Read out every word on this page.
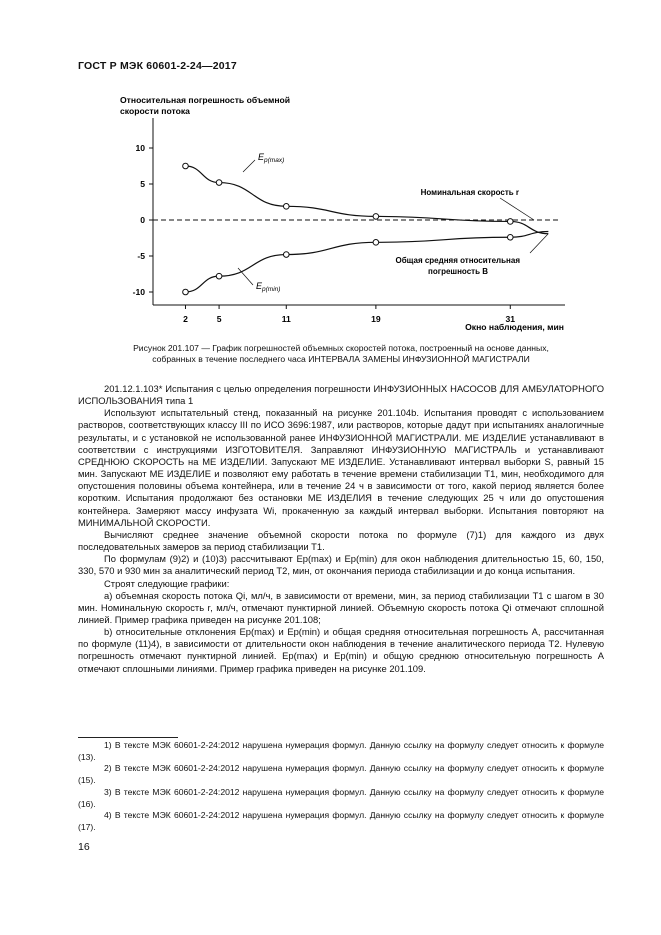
ГОСТ Р МЭК 60601-2-24—2017
Относительная погрешность объемной
скорости потока
10
5
0
-5
-10
2	5	11	19	31
$E_{p(max)}$
$E_{p(min)}$
Номинальная скорость r
Общая средняя относительная
погрешность B
Окно наблюдения, мин
Рисунок 201.107 — График погрешностей объемных скоростей потока, построенный на основе данных,
собранных в течение последнего часа ИНТЕРВАЛА ЗАМЕНЫ ИНФУЗИОННОЙ МАГИСТРАЛИ

201.12.1.103* Испытания с целью определения погрешности ИНФУЗИОННЫХ НАСОСОВ ДЛЯ АМБУЛАТОРНОГО ИСПОЛЬЗОВАНИЯ типа 1

Используют испытательный стенд, показанный на рисунке 201.104b. Испытания проводят с использованием растворов, соответствующих классу III по ИСО 3696:1987, или растворов, которые дадут при испытаниях аналогичные результаты, и с установкой не использованной ранее ИНФУЗИОННОЙ МАГИСТРАЛИ. МЕ ИЗДЕЛИЕ устанавливают в соответствии с инструкциями ИЗГОТОВИТЕЛЯ. Заправляют ИНФУЗИОННУЮ МАГИСТРАЛЬ и устанавливают СРЕДНЮЮ СКОРОСТЬ на МЕ ИЗДЕЛИИ. Запускают МЕ ИЗДЕЛИЕ. Устанавливают интервал выборки S, равный 15 мин. Запускают МЕ ИЗДЕЛИЕ и позволяют ему работать в течение времени стабилизации T1, мин, необходимого для опустошения половины объема контейнера, или в течение 24 ч в зависимости от того, какой период является более коротким. Испытания продолжают без остановки МЕ ИЗДЕЛИЯ в течение следующих 25 ч или до опустошения контейнера. Замеряют массу инфузата Wi, прокаченную за каждый интервал выборки. Испытания повторяют на МИНИМАЛЬНОЙ СКОРОСТИ.

Вычисляют среднее значение объемной скорости потока по формуле (7)1) для каждого из двух последовательных замеров за период стабилизации T1.

По формулам (9)2) и (10)3) рассчитывают Ep(max) и Ep(min) для окон наблюдения длительностью 15, 60, 150, 330, 570 и 930 мин за аналитический период T2, мин, от окончания периода стабилизации и до конца испытания.

Строят следующие графики:

а) объемная скорость потока Qi, мл/ч, в зависимости от времени, мин, за период стабилизации T1 с шагом в 30 мин. Номинальную скорость r, мл/ч, отмечают пунктирной линией. Объемную скорость потока Qi отмечают сплошной линией. Пример графика приведен на рисунке 201.108;

b) относительные отклонения Ep(max) и Ep(min) и общая средняя относительная погрешность A, рассчитанная по формуле (11)4), в зависимости от длительности окон наблюдения в течение аналитического периода T2. Нулевую погрешность отмечают пунктирной линией. Ep(max) и Ep(min) и общую среднюю относительную погрешность A отмечают сплошными линиями. Пример графика приведен на рисунке 201.109.

1) В тексте МЭК 60601-2-24:2012 нарушена нумерация формул. Данную ссылку на формулу следует относить к формуле (13).

2) В тексте МЭК 60601-2-24:2012 нарушена нумерация формул. Данную ссылку на формулу следует относить к формуле (15).

3) В тексте МЭК 60601-2-24:2012 нарушена нумерация формул. Данную ссылку на формулу следует относить к формуле (16).

4) В тексте МЭК 60601-2-24:2012 нарушена нумерация формул. Данную ссылку на формулу следует относить к формуле (17).

16
